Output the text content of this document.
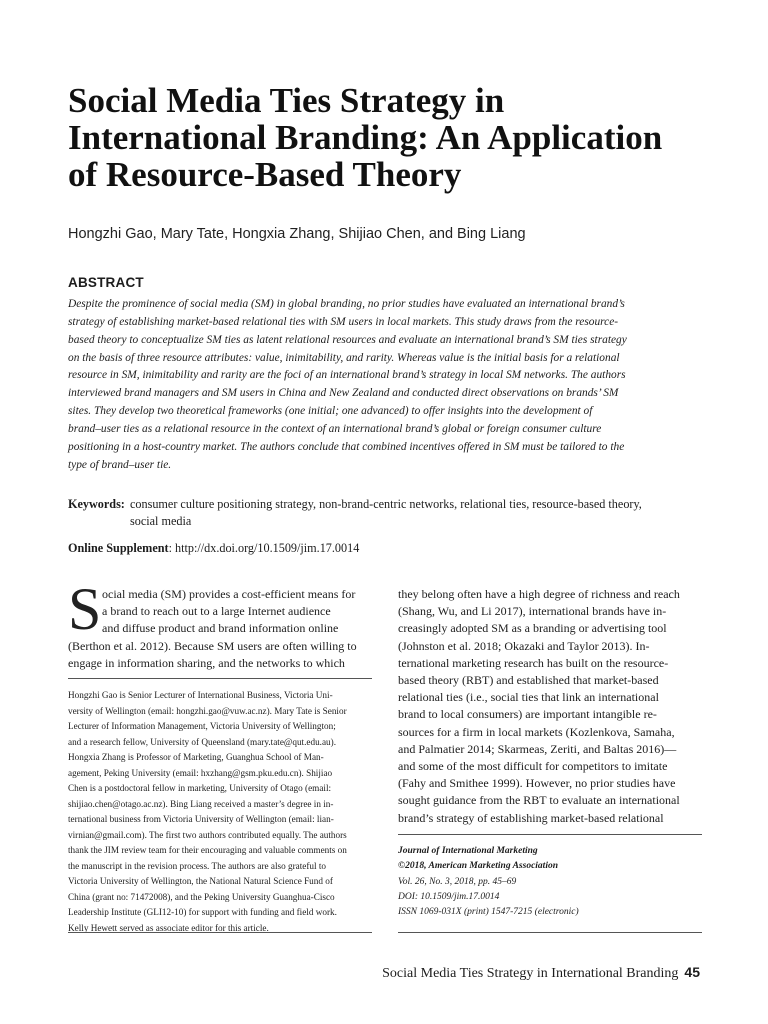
Social Media Ties Strategy in
International Branding: An Application
of Resource-Based Theory
Hongzhi Gao, Mary Tate, Hongxia Zhang, Shijiao Chen, and Bing Liang
ABSTRACT
Despite the prominence of social media (SM) in global branding, no prior studies have evaluated an international brand’s
strategy of establishing market-based relational ties with SM users in local markets. This study draws from the resource-
based theory to conceptualize SM ties as latent relational resources and evaluate an international brand’s SM ties strategy
on the basis of three resource attributes: value, inimitability, and rarity. Whereas value is the initial basis for a relational
resource in SM, inimitability and rarity are the foci of an international brand’s strategy in local SM networks. The authors
interviewed brand managers and SM users in China and New Zealand and conducted direct observations on brands’ SM
sites. They develop two theoretical frameworks (one initial; one advanced) to offer insights into the development of
brand–user ties as a relational resource in the context of an international brand’s global or foreign consumer culture
positioning in a host-country market. The authors conclude that combined incentives offered in SM must be tailored to the
type of brand–user tie.
Keywords: consumer culture positioning strategy, non-brand-centric networks, relational ties, resource-based theory,
social media
Online Supplement: http://dx.doi.org/10.1509/jim.17.0014
S ocial media (SM) provides a cost-efficient means for
a brand to reach out to a large Internet audience
and diffuse product and brand information online
(Berthon et al. 2012). Because SM users are often willing to
engage in information sharing, and the networks to which
they belong often have a high degree of richness and reach
(Shang, Wu, and Li 2017), international brands have in-
creasingly adopted SM as a branding or advertising tool
(Johnston et al. 2018; Okazaki and Taylor 2013). In-
ternational marketing research has built on the resource-
based theory (RBT) and established that market-based
relational ties (i.e., social ties that link an international
brand to local consumers) are important intangible re-
sources for a firm in local markets (Kozlenkova, Samaha,
and Palmatier 2014; Skarmeas, Zeriti, and Baltas 2016)—
and some of the most difficult for competitors to imitate
(Fahy and Smithee 1999). However, no prior studies have
sought guidance from the RBT to evaluate an international
brand’s strategy of establishing market-based relational
Hongzhi Gao is Senior Lecturer of International Business, Victoria Uni-
versity of Wellington (email: hongzhi.gao@vuw.ac.nz). Mary Tate is Senior
Lecturer of Information Management, Victoria University of Wellington;
and a research fellow, University of Queensland (mary.tate@qut.edu.au).
Hongxia Zhang is Professor of Marketing, Guanghua School of Man-
agement, Peking University (email: hxzhang@gsm.pku.edu.cn). Shijiao
Chen is a postdoctoral fellow in marketing, University of Otago (email:
shijiao.chen@otago.ac.nz). Bing Liang received a master’s degree in in-
ternational business from Victoria University of Wellington (email: lian-
virnian@gmail.com). The first two authors contributed equally. The authors
thank the JIM review team for their encouraging and valuable comments on
the manuscript in the revision process. The authors are also grateful to
Victoria University of Wellington, the National Natural Science Fund of
China (grant no: 71472008), and the Peking University Guanghua-Cisco
Leadership Institute (GLI12-10) for support with funding and field work.
Kelly Hewett served as associate editor for this article.
Journal of International Marketing
©2018, American Marketing Association
Vol. 26, No. 3, 2018, pp. 45–69
DOI: 10.1509/jim.17.0014
ISSN 1069-031X (print) 1547-7215 (electronic)
Social Media Ties Strategy in International Branding 45
